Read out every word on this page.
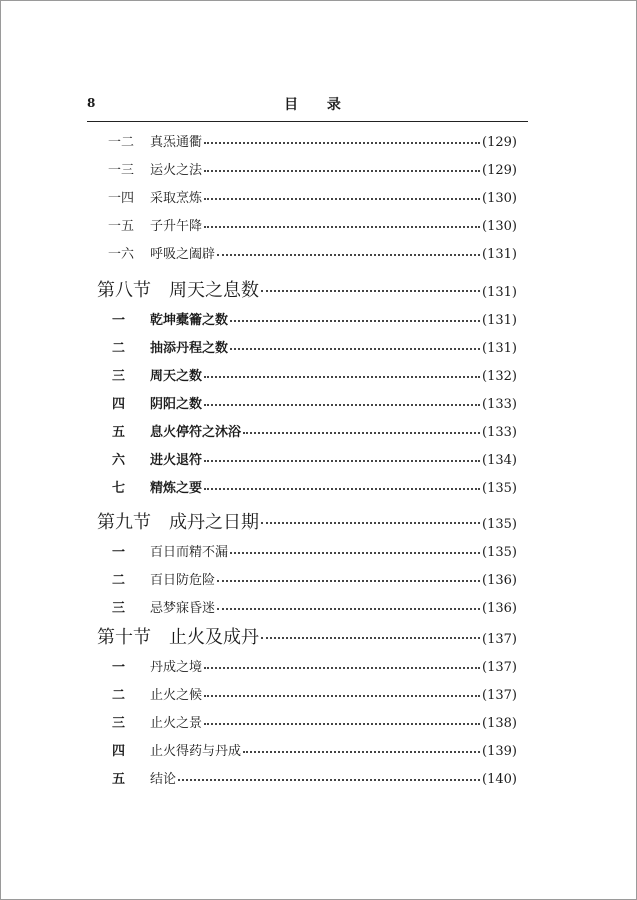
8	目 录
一二	真炁通衢	(129)
一三	运火之法	(129)
一四	采取烹炼	(130)
一五	子升午降	(130)
一六	呼吸之阖辟	(131)
第八节 周天之息数	(131)
一	乾坤橐籥之数	(131)
二	抽添丹程之数	(131)
三	周天之数	(132)
四	阴阳之数	(133)
五	息火停符之沐浴	(133)
六	进火退符	(134)
七	精炼之要	(135)
第九节 成丹之日期	(135)
一	百日而精不漏	(135)
二	百日防危险	(136)
三	忌梦寐昏迷	(136)
第十节 止火及成丹	(137)
一	丹成之境	(137)
二	止火之候	(137)
三	止火之景	(138)
四	止火得药与丹成	(139)
五	结论	(140)
